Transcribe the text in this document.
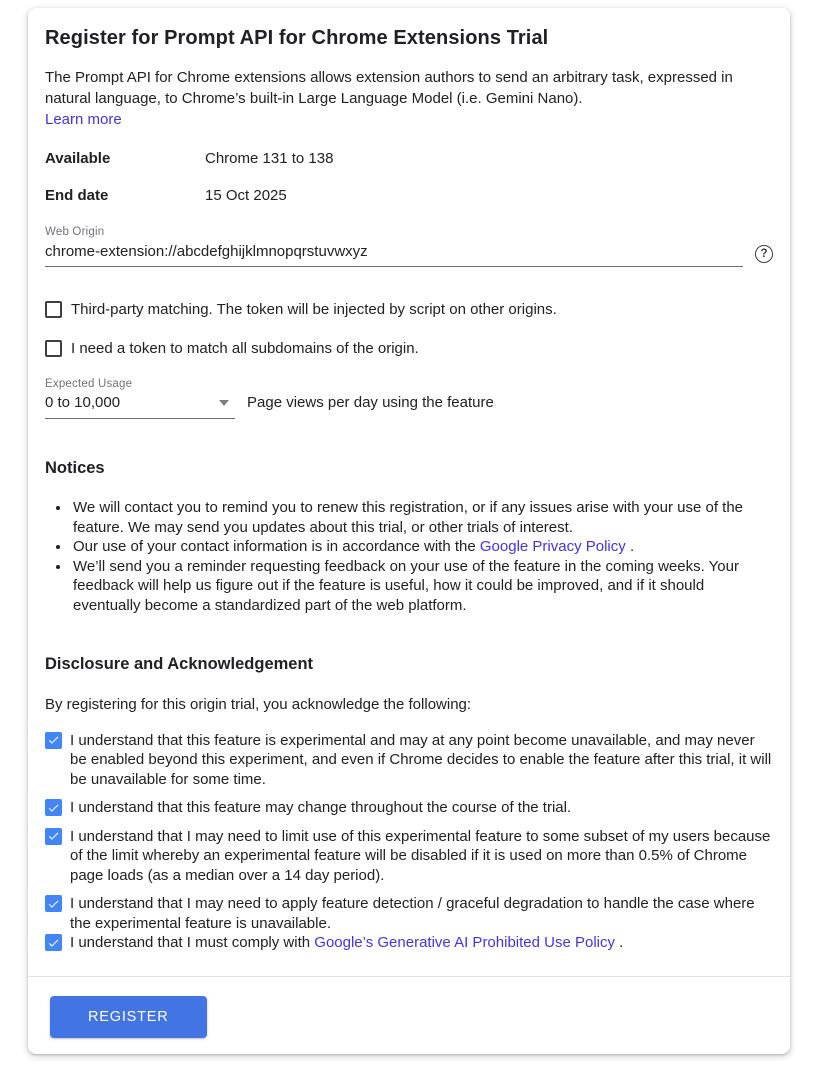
Register for Prompt API for Chrome Extensions Trial

The Prompt API for Chrome extensions allows extension authors to send an arbitrary task, expressed in natural language, to Chrome’s built-in Large Language Model (i.e. Gemini Nano).

Learn more
Available	Chrome 131 to 138
End date	15 Oct 2025
Web Origin
chrome-extension://abcdefghijklmnopqrstuvwxyz
?
Third-party matching. The token will be injected by script on other origins.
I need a token to match all subdomains of the origin.
Expected Usage
0 to 10,000	Page views per day using the feature
Notices
• We will contact you to remind you to renew this registration, or if any issues arise with your use of the feature. We may send you updates about this trial, or other trials of interest.
• Our use of your contact information is in accordance with the Google Privacy Policy .
• We’ll send you a reminder requesting feedback on your use of the feature in the coming weeks. Your feedback will help us figure out if the feature is useful, how it could be improved, and if it should eventually become a standardized part of the web platform.
Disclosure and Acknowledgement

By registering for this origin trial, you acknowledge the following:

I understand that this feature is experimental and may at any point become unavailable, and may never be enabled beyond this experiment, and even if Chrome decides to enable the feature after this trial, it will be unavailable for some time.
I understand that this feature may change throughout the course of the trial.
I understand that I may need to limit use of this experimental feature to some subset of my users because of the limit whereby an experimental feature will be disabled if it is used on more than 0.5% of Chrome page loads (as a median over a 14 day period).
I understand that I may need to apply feature detection / graceful degradation to handle the case where the experimental feature is unavailable.
I understand that I must comply with Google’s Generative AI Prohibited Use Policy .
REGISTER
